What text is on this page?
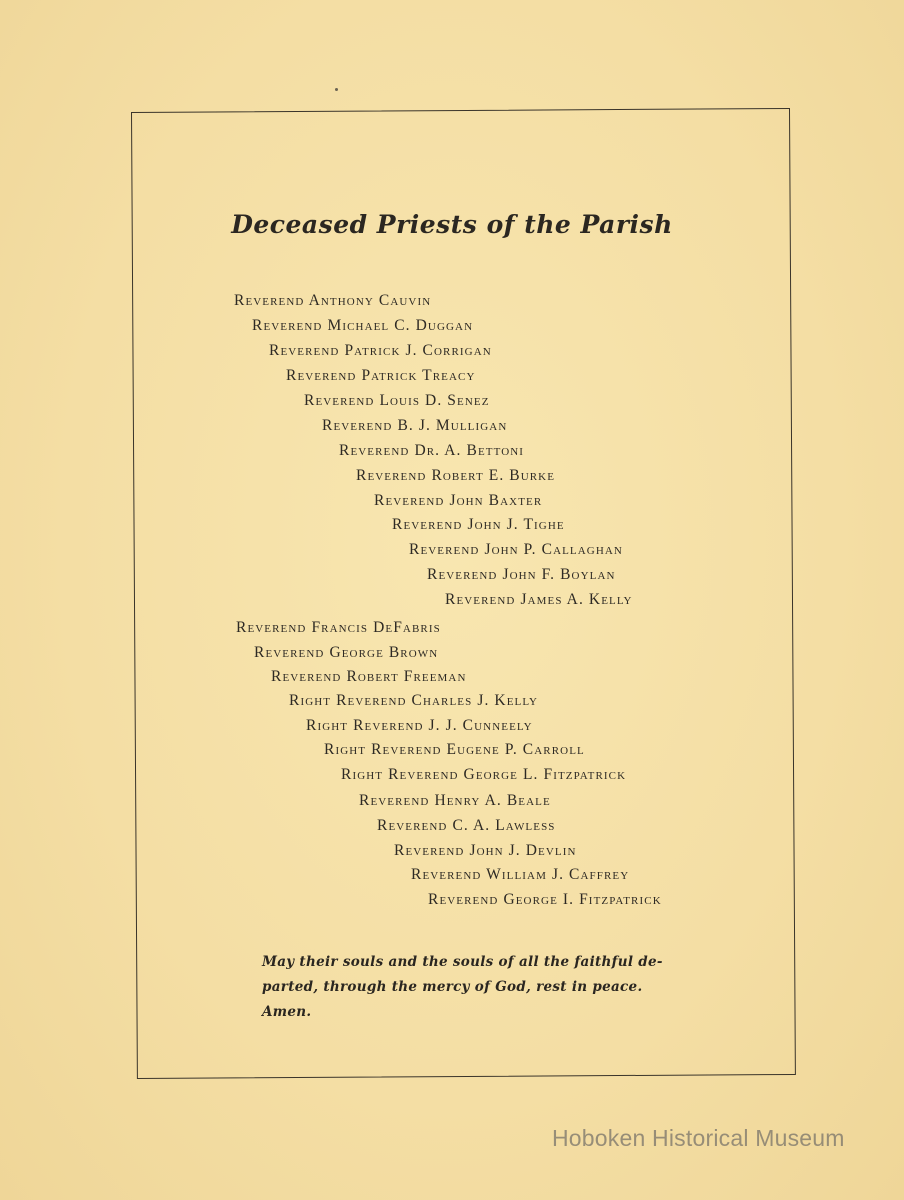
Deceased Priests of the Parish
Reverend Anthony Cauvin
Reverend Michael C. Duggan
Reverend Patrick J. Corrigan
Reverend Patrick Treacy
Reverend Louis D. Senez
Reverend B. J. Mulligan
Reverend Dr. A. Bettoni
Reverend Robert E. Burke
Reverend John Baxter
Reverend John J. Tighe
Reverend John P. Callaghan
Reverend John F. Boylan
Reverend James A. Kelly
Reverend Francis DeFabris
Reverend George Brown
Reverend Robert Freeman
Right Reverend Charles J. Kelly
Right Reverend J. J. Cunneely
Right Reverend Eugene P. Carroll
Right Reverend George L. Fitzpatrick
Reverend Henry A. Beale
Reverend C. A. Lawless
Reverend John J. Devlin
Reverend William J. Caffrey
Reverend George I. Fitzpatrick
May their souls and the souls of all the faithful de-
parted, through the mercy of God, rest in peace. Amen.

Hoboken Historical Museum
